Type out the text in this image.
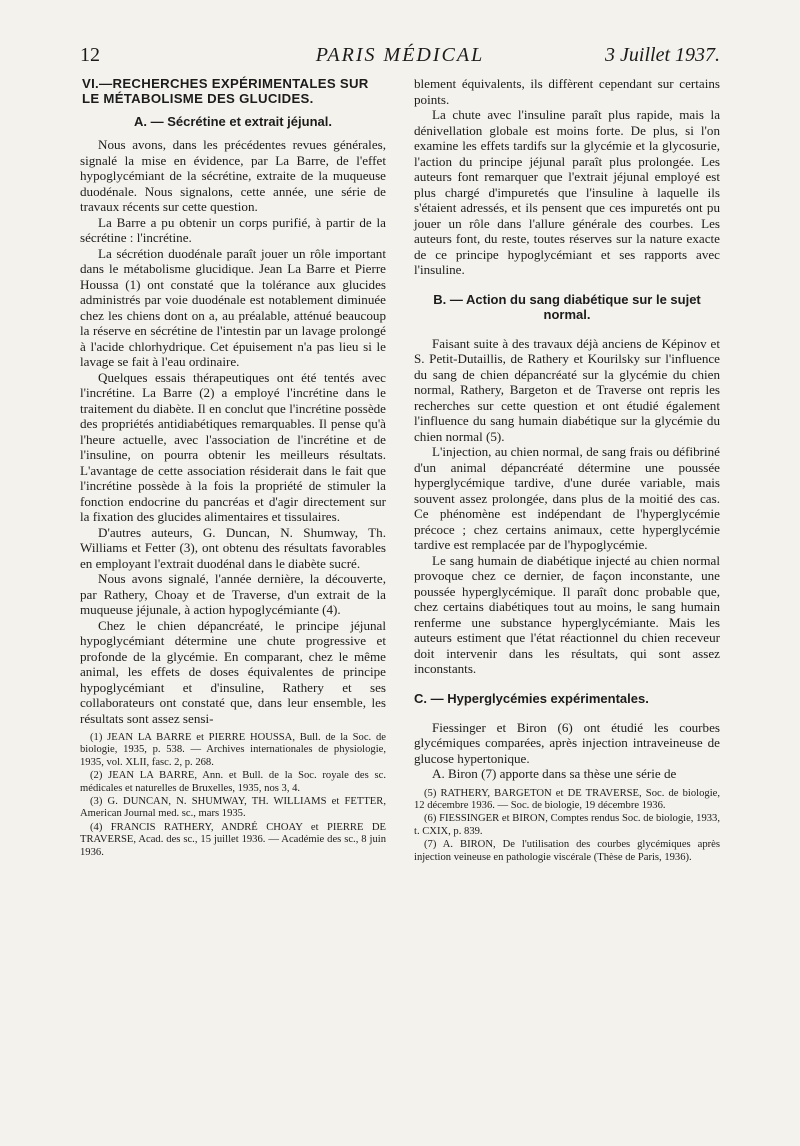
12	PARIS MÉDICAL	3 Juillet 1937.
VI.—RECHERCHES EXPÉRIMENTALES SUR LE MÉTABOLISME DES GLUCIDES.
A. — Sécrétine et extrait jéjunal.

Nous avons, dans les précédentes revues générales, signalé la mise en évidence, par La Barre, de l'effet hypoglycémiant de la sécrétine, extraite de la muqueuse duodénale. Nous signalons, cette année, une série de travaux récents sur cette question.

La Barre a pu obtenir un corps purifié, à partir de la sécrétine : l'incrétine.

La sécrétion duodénale paraît jouer un rôle important dans le métabolisme glucidique. Jean La Barre et Pierre Houssa (1) ont constaté que la tolérance aux glucides administrés par voie duodénale est notablement diminuée chez les chiens dont on a, au préalable, atténué beaucoup la réserve en sécrétine de l'intestin par un lavage prolongé à l'acide chlorhydrique. Cet épuisement n'a pas lieu si le lavage se fait à l'eau ordinaire.

Quelques essais thérapeutiques ont été tentés avec l'incrétine. La Barre (2) a employé l'incrétine dans le traitement du diabète. Il en conclut que l'incrétine possède des propriétés antidiabétiques remarquables. Il pense qu'à l'heure actuelle, avec l'association de l'incrétine et de l'insuline, on pourra obtenir les meilleurs résultats. L'avantage de cette association résiderait dans le fait que l'incrétine possède à la fois la propriété de stimuler la fonction endocrine du pancréas et d'agir directement sur la fixation des glucides alimentaires et tissulaires.

D'autres auteurs, G. Duncan, N. Shumway, Th. Williams et Fetter (3), ont obtenu des résultats favorables en employant l'extrait duodénal dans le diabète sucré.

Nous avons signalé, l'année dernière, la découverte, par Rathery, Choay et de Traverse, d'un extrait de la muqueuse jéjunale, à action hypoglycémiante (4).

Chez le chien dépancréaté, le principe jéjunal hypoglycémiant détermine une chute progressive et profonde de la glycémie. En comparant, chez le même animal, les effets de doses équivalentes de principe hypoglycémiant et d'insuline, Rathery et ses collaborateurs ont constaté que, dans leur ensemble, les résultats sont assez sensi-

(1) JEAN LA BARRE et PIERRE HOUSSA, Bull. de la Soc. de biologie, 1935, p. 538. — Archives internationales de physiologie, 1935, vol. XLII, fasc. 2, p. 268.

(2) JEAN LA BARRE, Ann. et Bull. de la Soc. royale des sc. médicales et naturelles de Bruxelles, 1935, nos 3, 4.

(3) G. DUNCAN, N. SHUMWAY, TH. WILLIAMS et FETTER, American Journal med. sc., mars 1935.

(4) FRANCIS RATHERY, ANDRÉ CHOAY et PIERRE DE TRAVERSE, Acad. des sc., 15 juillet 1936. — Académie des sc., 8 juin 1936.

blement équivalents, ils diffèrent cependant sur certains points.

La chute avec l'insuline paraît plus rapide, mais la dénivellation globale est moins forte. De plus, si l'on examine les effets tardifs sur la glycémie et la glycosurie, l'action du principe jéjunal paraît plus prolongée. Les auteurs font remarquer que l'extrait jéjunal employé est plus chargé d'impuretés que l'insuline à laquelle ils s'étaient adressés, et ils pensent que ces impuretés ont pu jouer un rôle dans l'allure générale des courbes. Les auteurs font, du reste, toutes réserves sur la nature exacte de ce principe hypoglycémiant et ses rapports avec l'insuline.

B. — Action du sang diabétique sur le sujet normal.

Faisant suite à des travaux déjà anciens de Képinov et S. Petit-Dutaillis, de Rathery et Kourilsky sur l'influence du sang de chien dépancréaté sur la glycémie du chien normal, Rathery, Bargeton et de Traverse ont repris les recherches sur cette question et ont étudié également l'influence du sang humain diabétique sur la glycémie du chien normal (5).

L'injection, au chien normal, de sang frais ou défibriné d'un animal dépancréaté détermine une poussée hyperglycémique tardive, d'une durée variable, mais souvent assez prolongée, dans plus de la moitié des cas. Ce phénomène est indépendant de l'hyperglycémie précoce ; chez certains animaux, cette hyperglycémie tardive est remplacée par de l'hypoglycémie.

Le sang humain de diabétique injecté au chien normal provoque chez ce dernier, de façon inconstante, une poussée hyperglycémique. Il paraît donc probable que, chez certains diabétiques tout au moins, le sang humain renferme une substance hyperglycémiante. Mais les auteurs estiment que l'état réactionnel du chien receveur doit intervenir dans les résultats, qui sont assez inconstants.

C. — Hyperglycémies expérimentales.

Fiessinger et Biron (6) ont étudié les courbes glycémiques comparées, après injection intraveineuse de glucose hypertonique.

A. Biron (7) apporte dans sa thèse une série de

(5) RATHERY, BARGETON et DE TRAVERSE, Soc. de biologie, 12 décembre 1936. — Soc. de biologie, 19 décembre 1936.

(6) FIESSINGER et BIRON, Comptes rendus Soc. de biologie, 1933, t. CXIX, p. 839.

(7) A. BIRON, De l'utilisation des courbes glycémiques après injection veineuse en pathologie viscérale (Thèse de Paris, 1936).
